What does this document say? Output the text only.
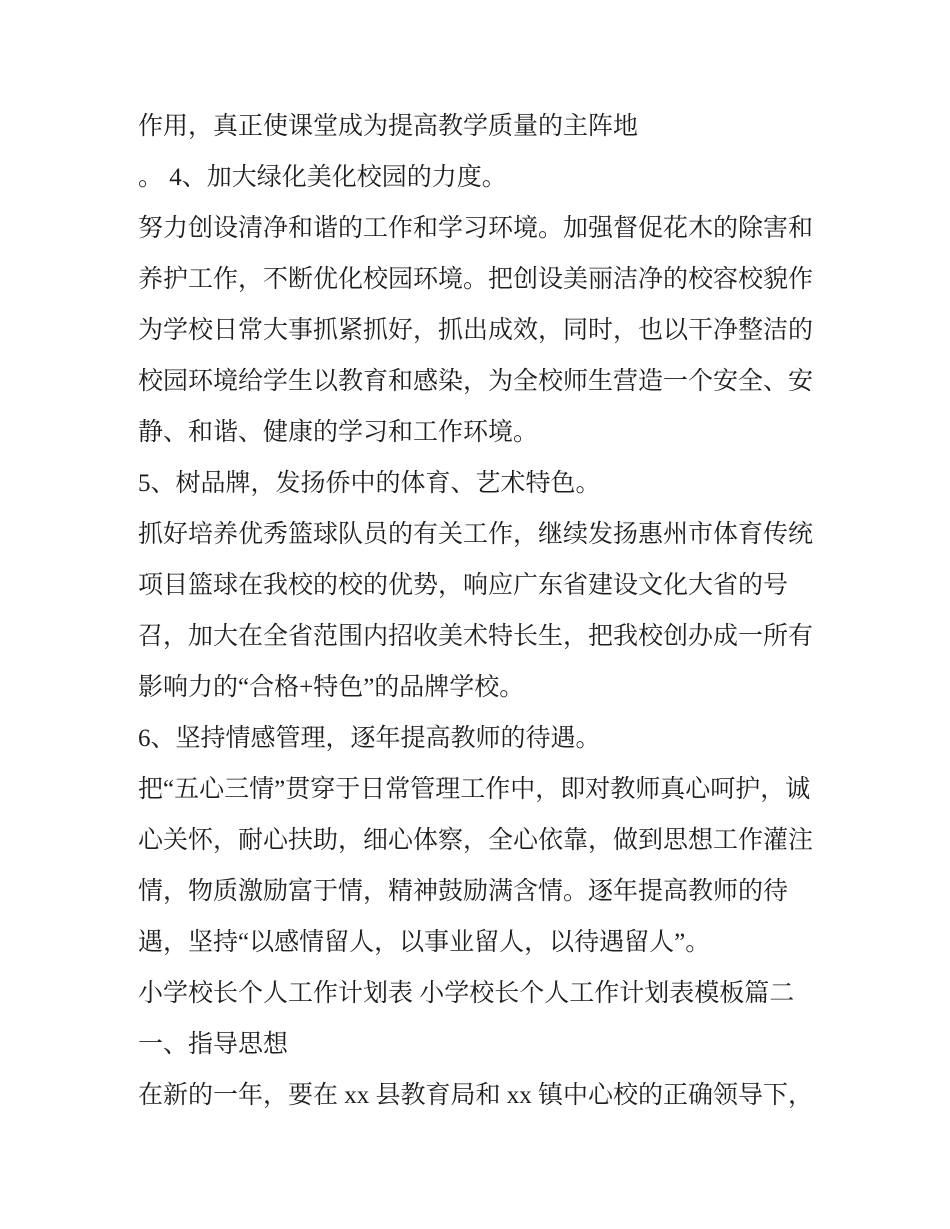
作用，真正使课堂成为提高教学质量的主阵地

。 4、加大绿化美化校园的力度。

努力创设清净和谐的工作和学习环境。加强督促花木的除害和养护工作，不断优化校园环境。把创设美丽洁净的校容校貌作为学校日常大事抓紧抓好，抓出成效，同时，也以干净整洁的校园环境给学生以教育和感染，为全校师生营造一个安全、安静、和谐、健康的学习和工作环境。

5、树品牌，发扬侨中的体育、艺术特色。

抓好培养优秀篮球队员的有关工作，继续发扬惠州市体育传统项目篮球在我校的校的优势，响应广东省建设文化大省的号召，加大在全省范围内招收美术特长生，把我校创办成一所有影响力的“合格+特色”的品牌学校。

6、坚持情感管理，逐年提高教师的待遇。

把“五心三情”贯穿于日常管理工作中，即对教师真心呵护，诚心关怀，耐心扶助，细心体察，全心依靠，做到思想工作灌注情，物质激励富于情，精神鼓励满含情。逐年提高教师的待遇，坚持“以感情留人，以事业留人，以待遇留人”。

小学校长个人工作计划表 小学校长个人工作计划表模板篇二

一、指导思想

在新的一年，要在 xx 县教育局和 xx 镇中心校的正确领导下，
